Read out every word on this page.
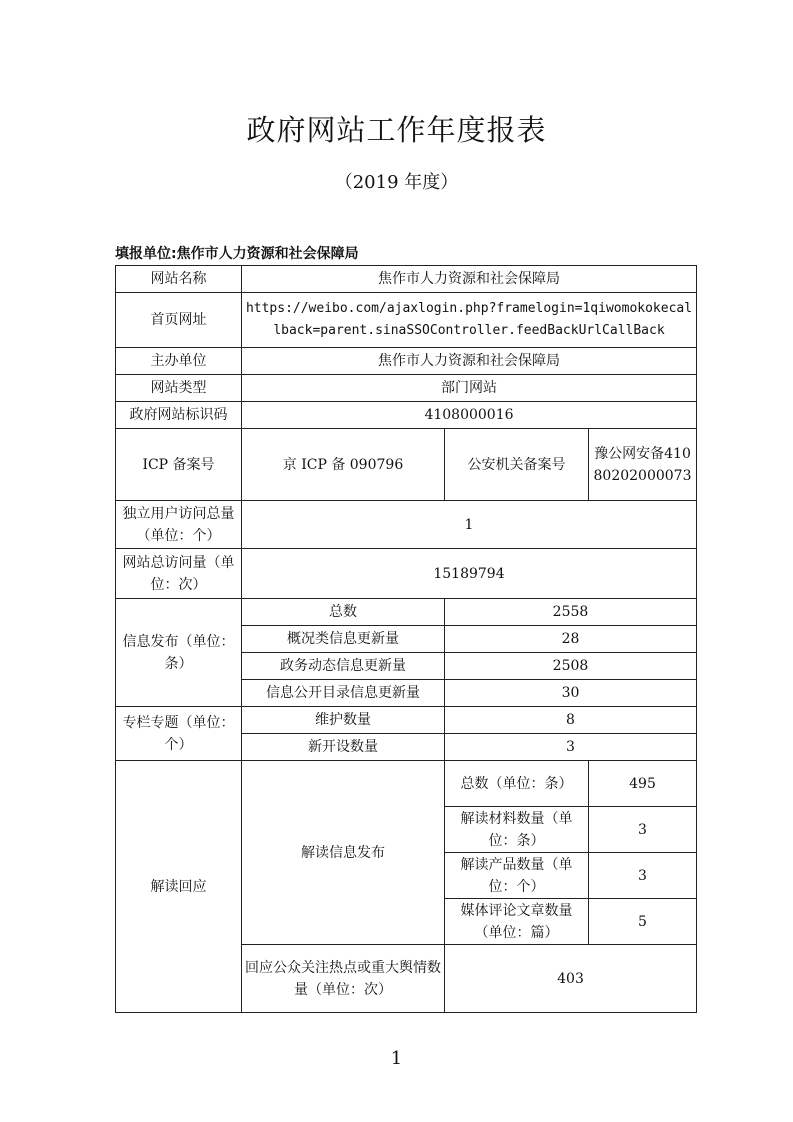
政府网站工作年度报表
（2019 年度）
填报单位:焦作市人力资源和社会保障局
网站名称	焦作市人力资源和社会保障局		
首页网址	https://weibo.com/ajaxlogin.php?framelogin=1qiwomokokecallback=parent.sinaSSOController.feedBackUrlCallBack		
主办单位	焦作市人力资源和社会保障局		
网站类型	部门网站		
政府网站标识码	4108000016		
ICP 备案号	京 ICP 备 090796	公安机关备案号	豫公网安备41080202000073
独立用户访问总量（单位：个）	1		
网站总访问量（单位：次）	15189794		
信息发布（单位：条）	总数	2558	
	概况类信息更新量	28	
	政务动态信息更新量	2508	
	信息公开目录信息更新量	30	
专栏专题（单位：个）	维护数量	8	
	新开设数量	3	
解读回应	解读信息发布	总数（单位：条）	495
		解读材料数量（单位：条）	3
		解读产品数量（单位：个）	3
		媒体评论文章数量（单位：篇）	5
	回应公众关注热点或重大舆情数量（单位：次）	403	
1
